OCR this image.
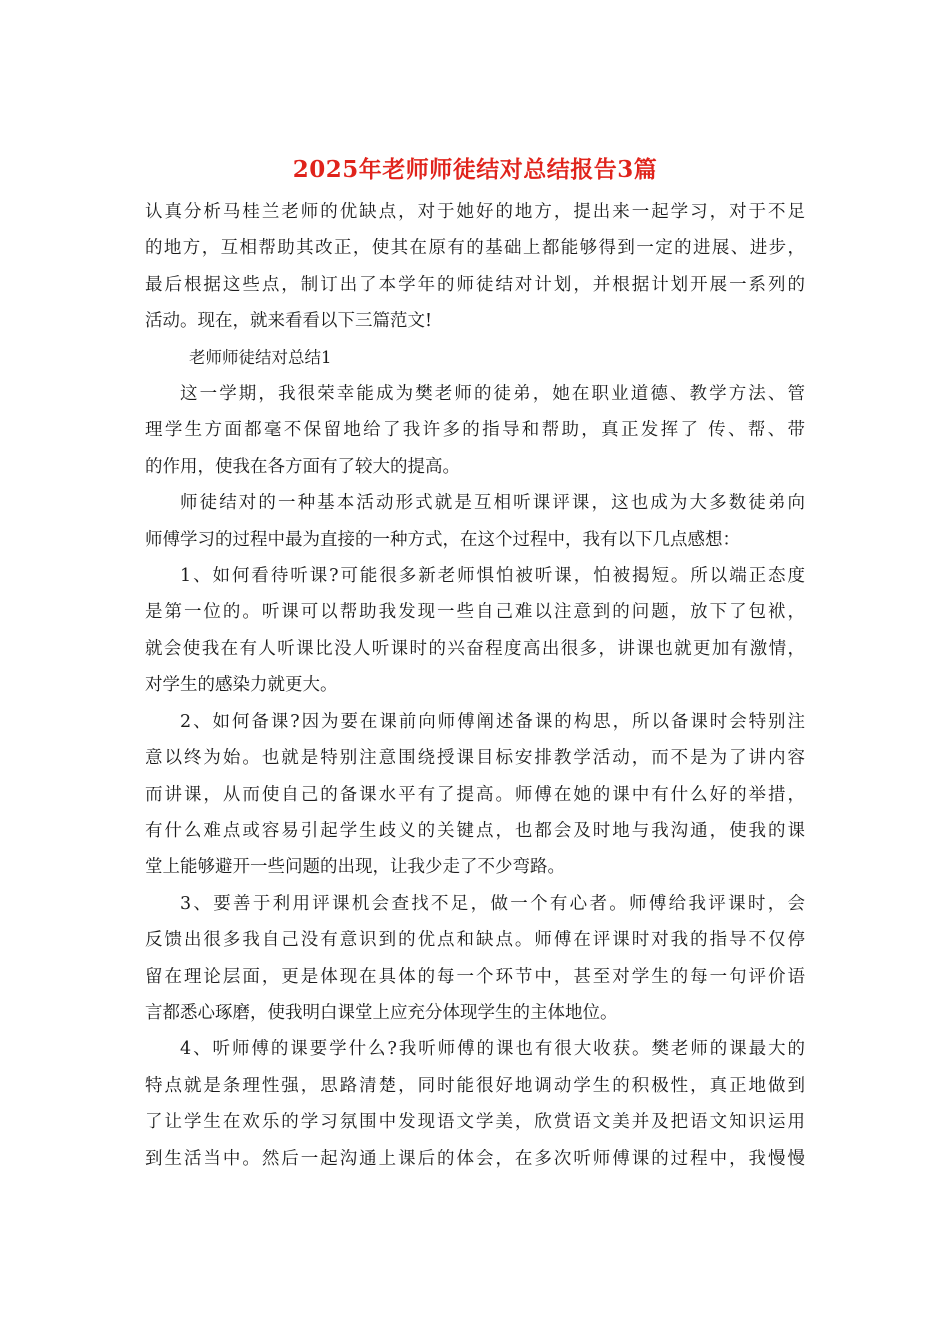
2025年老师师徒结对总结报告3篇
认真分析马桂兰老师的优缺点，对于她好的地方，提出来一起学习，对于不足
的地方，互相帮助其改正，使其在原有的基础上都能够得到一定的进展、进步，
最后根据这些点，制订出了本学年的师徒结对计划，并根据计划开展一系列的
活动。现在，就来看看以下三篇范文!
老师师徒结对总结1
这一学期，我很荣幸能成为樊老师的徒弟，她在职业道德、教学方法、管
理学生方面都毫不保留地给了我许多的指导和帮助，真正发挥了 传、帮、带
的作用，使我在各方面有了较大的提高。
师徒结对的一种基本活动形式就是互相听课评课，这也成为大多数徒弟向
师傅学习的过程中最为直接的一种方式，在这个过程中，我有以下几点感想：
1、如何看待听课?可能很多新老师惧怕被听课，怕被揭短。所以端正态度
是第一位的。听课可以帮助我发现一些自己难以注意到的问题，放下了包袱，
就会使我在有人听课比没人听课时的兴奋程度高出很多，讲课也就更加有激情，
对学生的感染力就更大。
2、如何备课?因为要在课前向师傅阐述备课的构思，所以备课时会特别注
意以终为始。也就是特别注意围绕授课目标安排教学活动，而不是为了讲内容
而讲课，从而使自己的备课水平有了提高。师傅在她的课中有什么好的举措，
有什么难点或容易引起学生歧义的关键点，也都会及时地与我沟通，使我的课
堂上能够避开一些问题的出现，让我少走了不少弯路。
3、要善于利用评课机会查找不足，做一个有心者。师傅给我评课时，会
反馈出很多我自己没有意识到的优点和缺点。师傅在评课时对我的指导不仅停
留在理论层面，更是体现在具体的每一个环节中，甚至对学生的每一句评价语
言都悉心琢磨，使我明白课堂上应充分体现学生的主体地位。
4、听师傅的课要学什么?我听师傅的课也有很大收获。樊老师的课最大的
特点就是条理性强，思路清楚，同时能很好地调动学生的积极性，真正地做到
了让学生在欢乐的学习氛围中发现语文学美，欣赏语文美并及把语文知识运用
到生活当中。然后一起沟通上课后的体会，在多次听师傅课的过程中，我慢慢
